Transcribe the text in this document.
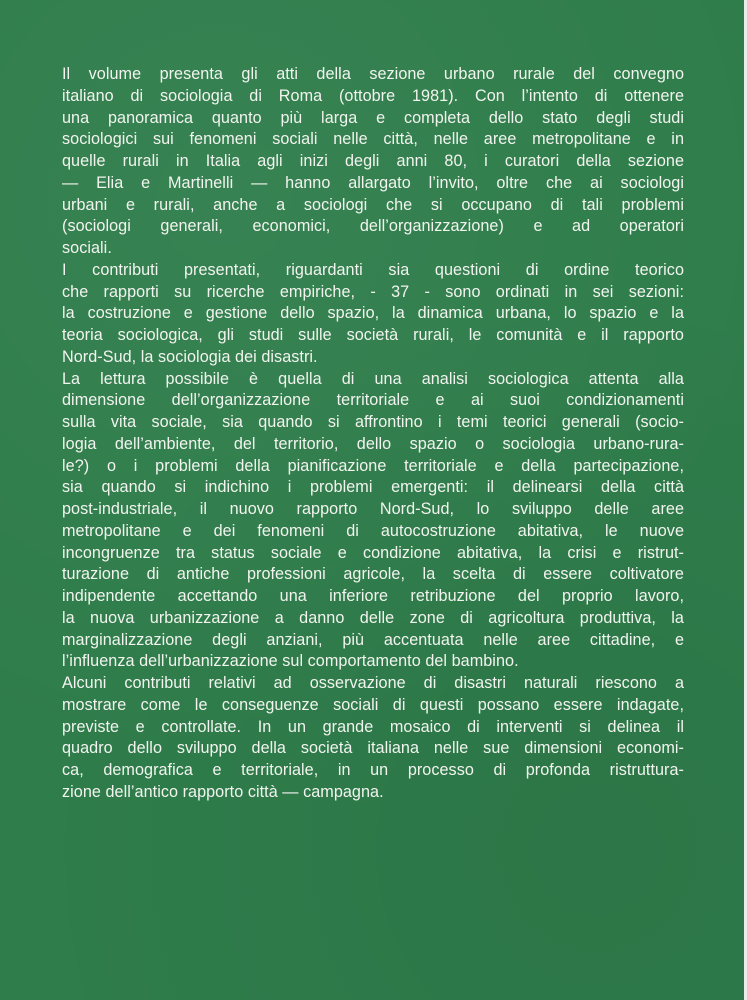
Il volume presenta gli atti della sezione urbano rurale del convegno
italiano di sociologia di Roma (ottobre 1981). Con l’intento di ottenere
una panoramica quanto più larga e completa dello stato degli studi
sociologici sui fenomeni sociali nelle città, nelle aree metropolitane e in
quelle rurali in Italia agli inizi degli anni 80, i curatori della sezione
— Elia e Martinelli — hanno allargato l’invito, oltre che ai sociologi
urbani e rurali, anche a sociologi che si occupano di tali problemi
(sociologi generali, economici, dell’organizzazione) e ad operatori
sociali.

I contributi presentati, riguardanti sia questioni di ordine teorico
che rapporti su ricerche empiriche, - 37 - sono ordinati in sei sezioni:
la costruzione e gestione dello spazio, la dinamica urbana, lo spazio e la
teoria sociologica, gli studi sulle società rurali, le comunità e il rapporto
Nord-Sud, la sociologia dei disastri.

La lettura possibile è quella di una analisi sociologica attenta alla
dimensione dell’organizzazione territoriale e ai suoi condizionamenti
sulla vita sociale, sia quando si affrontino i temi teorici generali (socio-
logia dell’ambiente, del territorio, dello spazio o sociologia urbano-rura-
le?) o i problemi della pianificazione territoriale e della partecipazione,
sia quando si indichino i problemi emergenti: il delinearsi della città
post-industriale, il nuovo rapporto Nord-Sud, lo sviluppo delle aree
metropolitane e dei fenomeni di autocostruzione abitativa, le nuove
incongruenze tra status sociale e condizione abitativa, la crisi e ristrut-
turazione di antiche professioni agricole, la scelta di essere coltivatore
indipendente accettando una inferiore retribuzione del proprio lavoro,
la nuova urbanizzazione a danno delle zone di agricoltura produttiva, la
marginalizzazione degli anziani, più accentuata nelle aree cittadine, e
l’influenza dell’urbanizzazione sul comportamento del bambino.

Alcuni contributi relativi ad osservazione di disastri naturali riescono a
mostrare come le conseguenze sociali di questi possano essere indagate,
previste e controllate. In un grande mosaico di interventi si delinea il
quadro dello sviluppo della società italiana nelle sue dimensioni economi-
ca, demografica e territoriale, in un processo di profonda ristruttura-
zione dell’antico rapporto città — campagna.
